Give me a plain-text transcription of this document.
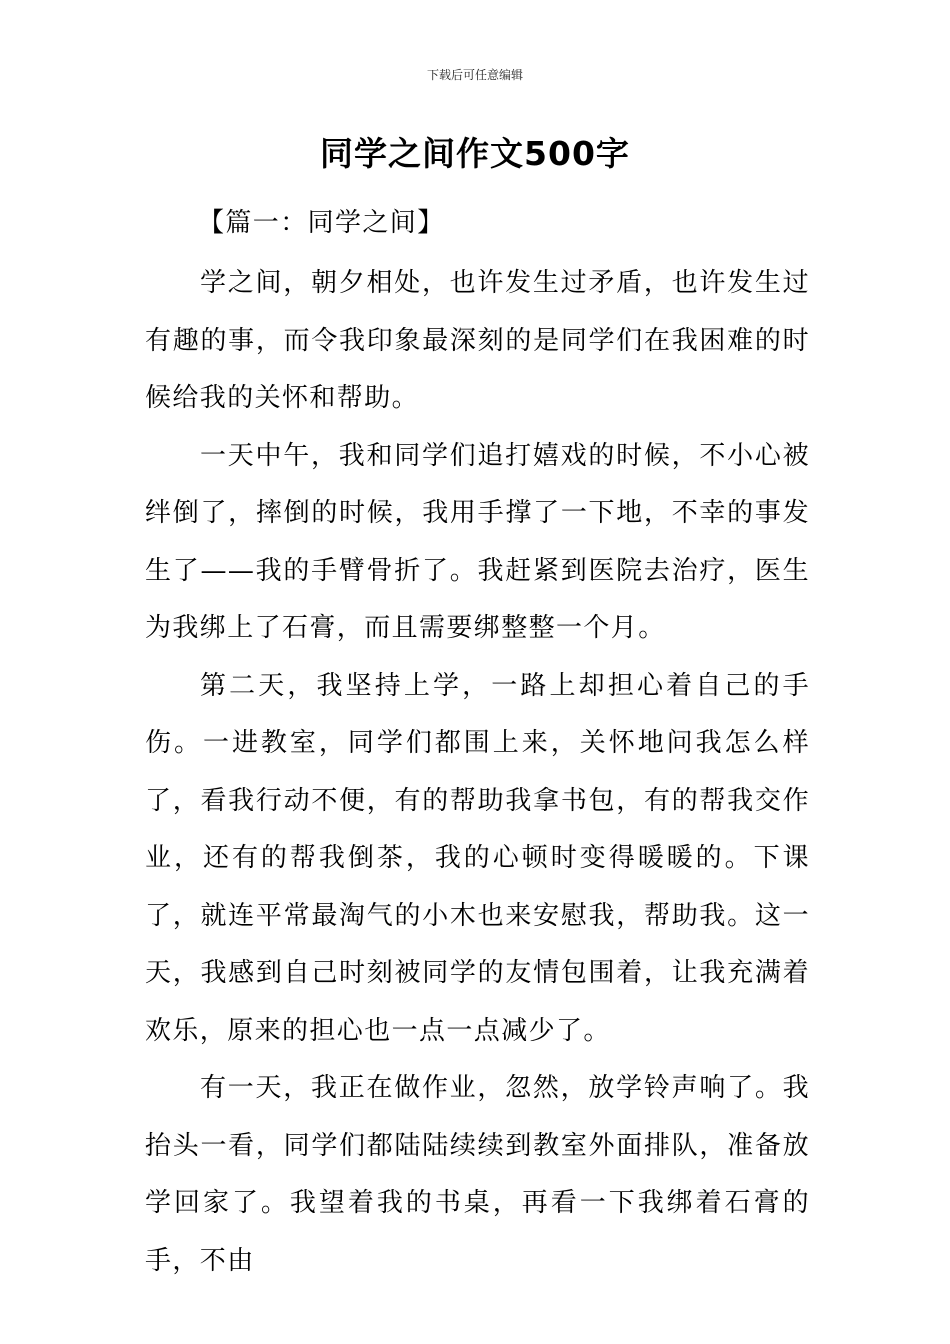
下载后可任意编辑
同学之间作文500字

【篇一：同学之间】

学之间，朝夕相处，也许发生过矛盾，也许发生过有趣的事，而令我印象最深刻的是同学们在我困难的时候给我的关怀和帮助。

一天中午，我和同学们追打嬉戏的时候，不小心被绊倒了，摔倒的时候，我用手撑了一下地，不幸的事发生了——我的手臂骨折了。我赶紧到医院去治疗，医生为我绑上了石膏，而且需要绑整整一个月。

第二天，我坚持上学，一路上却担心着自己的手伤。一进教室，同学们都围上来，关怀地问我怎么样了，看我行动不便，有的帮助我拿书包，有的帮我交作业，还有的帮我倒茶，我的心顿时变得暖暖的。下课了，就连平常最淘气的小木也来安慰我，帮助我。这一天，我感到自己时刻被同学的友情包围着，让我充满着欢乐，原来的担心也一点一点减少了。

有一天，我正在做作业，忽然，放学铃声响了。我抬头一看，同学们都陆陆续续到教室外面排队，准备放学回家了。我望着我的书桌，再看一下我绑着石膏的手，不由
